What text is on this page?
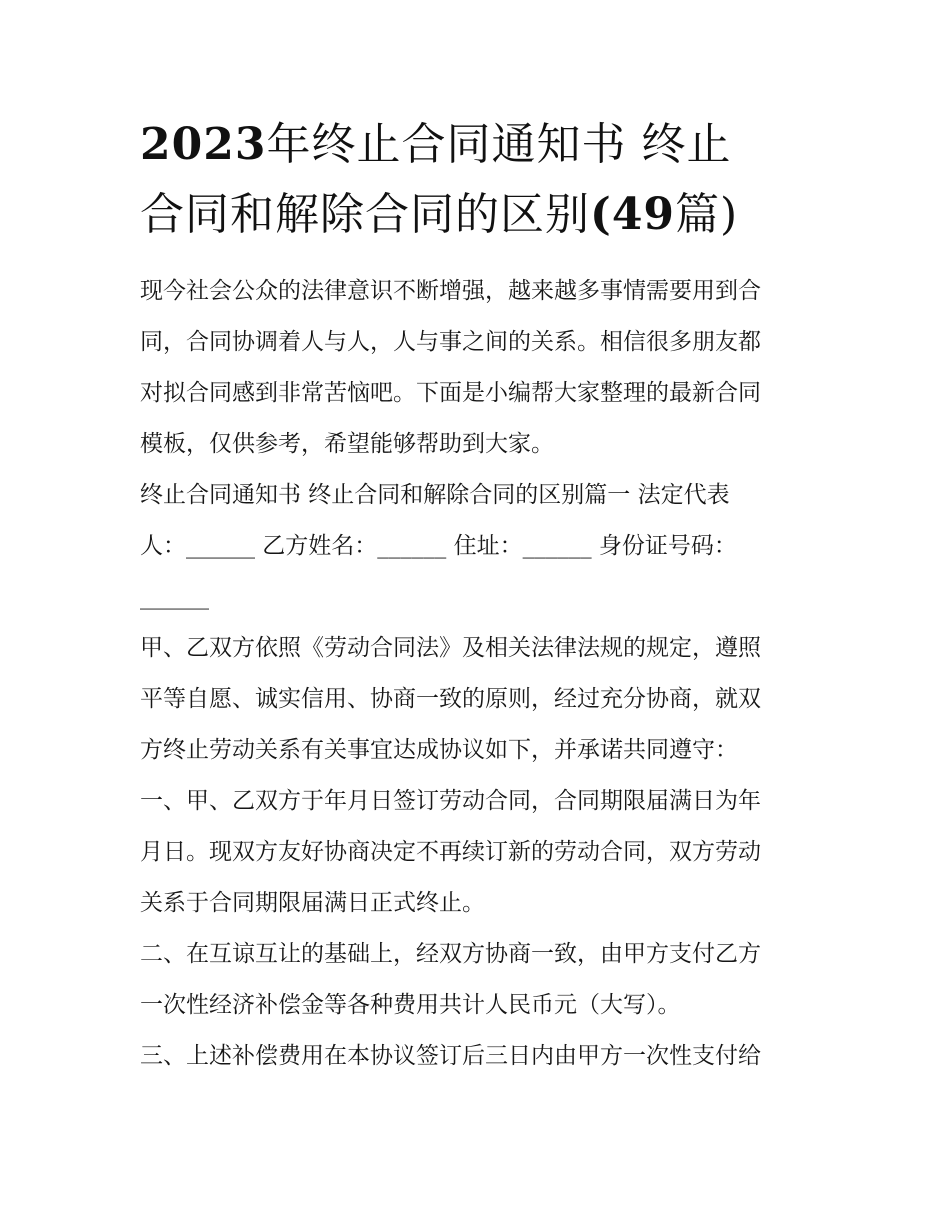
2023年终止合同通知书 终止
合同和解除合同的区别(49篇)

现今社会公众的法律意识不断增强，越来越多事情需要用到合
同，合同协调着人与人，人与事之间的关系。相信很多朋友都
对拟合同感到非常苦恼吧。下面是小编帮大家整理的最新合同
模板，仅供参考，希望能够帮助到大家。

终止合同通知书 终止合同和解除合同的区别篇一 法定代表
人：______ 乙方姓名：______ 住址：______ 身份证号码：
______

甲、乙双方依照《劳动合同法》及相关法律法规的规定，遵照
平等自愿、诚实信用、协商一致的原则，经过充分协商，就双
方终止劳动关系有关事宜达成协议如下，并承诺共同遵守：

一、甲、乙双方于年月日签订劳动合同，合同期限届满日为年
月日。现双方友好协商决定不再续订新的劳动合同，双方劳动
关系于合同期限届满日正式终止。

二、在互谅互让的基础上，经双方协商一致，由甲方支付乙方
一次性经济补偿金等各种费用共计人民币元（大写）。

三、上述补偿费用在本协议签订后三日内由甲方一次性支付给
